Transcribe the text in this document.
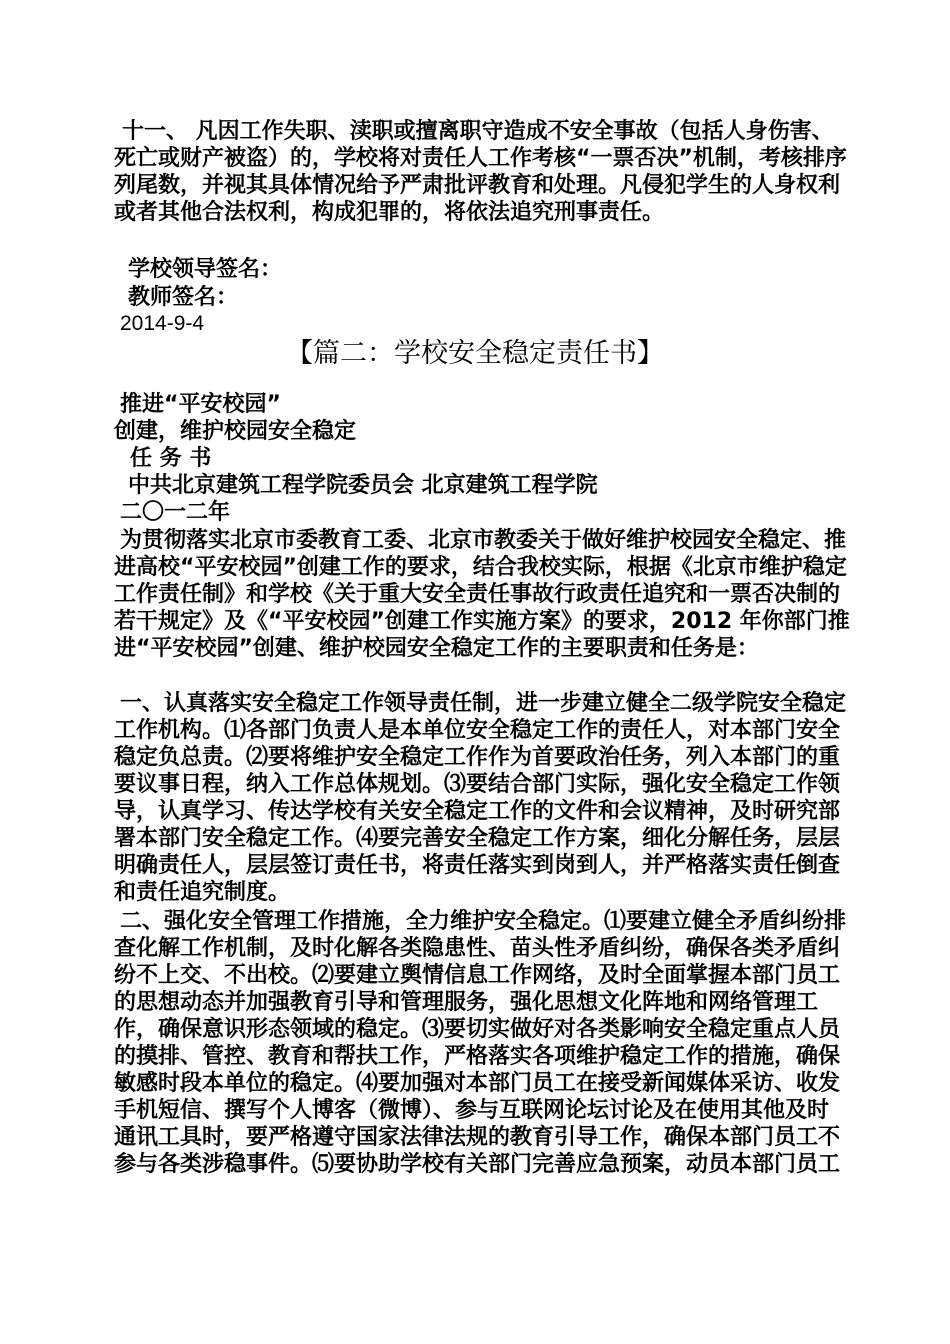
十一、 凡因工作失职、渎职或擅离职守造成不安全事故（包括人身伤害、死亡或财产被盗）的，学校将对责任人工作考核“一票否决”机制，考核排序列尾数，并视其具体情况给予严肃批评教育和处理。凡侵犯学生的人身权利或者其他合法权利，构成犯罪的，将依法追究刑事责任。
学校领导签名：
教师签名：
2014-9-4
【篇二：学校安全稳定责任书】
推进“平安校园”
创建，维护校园安全稳定
任 务 书
中共北京建筑工程学院委员会 北京建筑工程学院
二〇一二年
为贯彻落实北京市委教育工委、北京市教委关于做好维护校园安全稳定、推进高校“平安校园”创建工作的要求，结合我校实际，根据《北京市维护稳定工作责任制》和学校《关于重大安全责任事故行政责任追究和一票否决制的若干规定》及《“平安校园”创建工作实施方案》的要求，2012 年你部门推进“平安校园”创建、维护校园安全稳定工作的主要职责和任务是：
一、认真落实安全稳定工作领导责任制，进一步建立健全二级学院安全稳定工作机构。⑴各部门负责人是本单位安全稳定工作的责任人，对本部门安全稳定负总责。⑵要将维护安全稳定工作作为首要政治任务，列入本部门的重要议事日程，纳入工作总体规划。⑶要结合部门实际，强化安全稳定工作领导，认真学习、传达学校有关安全稳定工作的文件和会议精神，及时研究部署本部门安全稳定工作。⑷要完善安全稳定工作方案，细化分解任务，层层明确责任人，层层签订责任书，将责任落实到岗到人，并严格落实责任倒查和责任追究制度。
二、强化安全管理工作措施，全力维护安全稳定。⑴要建立健全矛盾纠纷排查化解工作机制，及时化解各类隐患性、苗头性矛盾纠纷，确保各类矛盾纠纷不上交、不出校。⑵要建立舆情信息工作网络，及时全面掌握本部门员工的思想动态并加强教育引导和管理服务，强化思想文化阵地和网络管理工作，确保意识形态领域的稳定。⑶要切实做好对各类影响安全稳定重点人员的摸排、管控、教育和帮扶工作，严格落实各项维护稳定工作的措施，确保敏感时段本单位的稳定。⑷要加强对本部门员工在接受新闻媒体采访、收发手机短信、撰写个人博客（微博）、参与互联网论坛讨论及在使用其他及时通讯工具时，要严格遵守国家法律法规的教育引导工作，确保本部门员工不参与各类涉稳事件。⑸要协助学校有关部门完善应急预案，动员本部门员工
